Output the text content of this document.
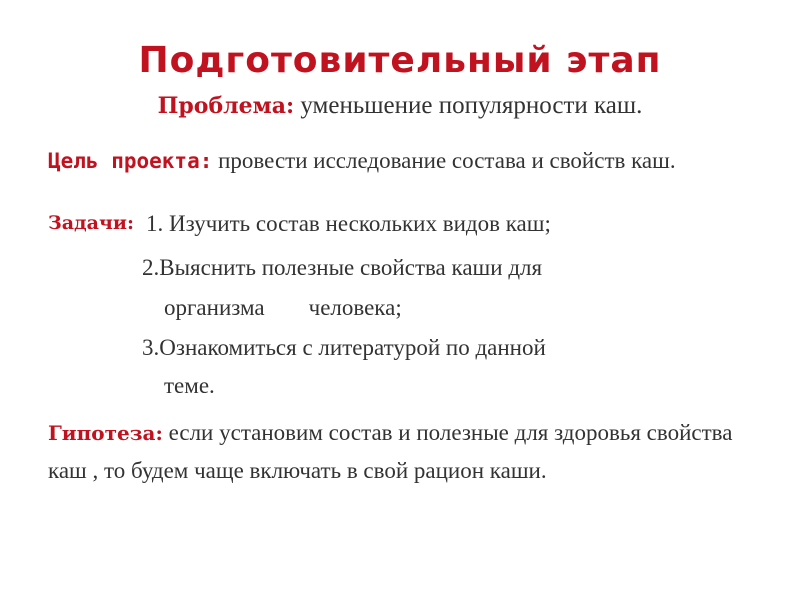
Подготовительный этап
Проблема: уменьшение популярности каш.
Цель проекта: провести исследование состава и свойств каш.
Задачи: 1. Изучить состав нескольких видов каш;
2.Выяснить полезные свойства каши для
организма человека;
3.Ознакомиться с литературой по данной
теме.
Гипотеза: если установим состав и полезные для здоровья свойства каш , то будем чаще включать в свой рацион каши.
